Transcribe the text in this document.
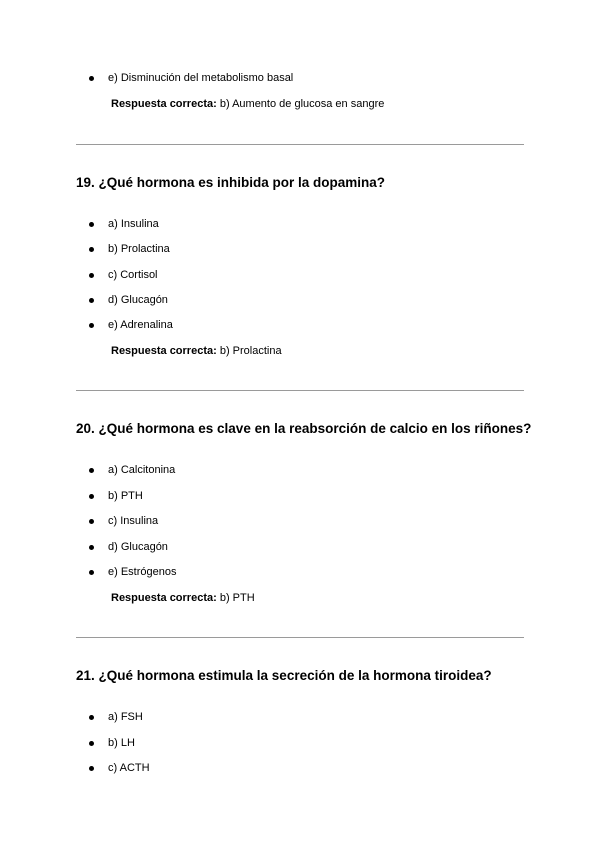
e) Disminución del metabolismo basal
Respuesta correcta: b) Aumento de glucosa en sangre
19. ¿Qué hormona es inhibida por la dopamina?
a) Insulina
b) Prolactina
c) Cortisol
d) Glucagón
e) Adrenalina
Respuesta correcta: b) Prolactina
20. ¿Qué hormona es clave en la reabsorción de calcio en los riñones?
a) Calcitonina
b) PTH
c) Insulina
d) Glucagón
e) Estrógenos
Respuesta correcta: b) PTH
21. ¿Qué hormona estimula la secreción de la hormona tiroidea?
a) FSH
b) LH
c) ACTH
